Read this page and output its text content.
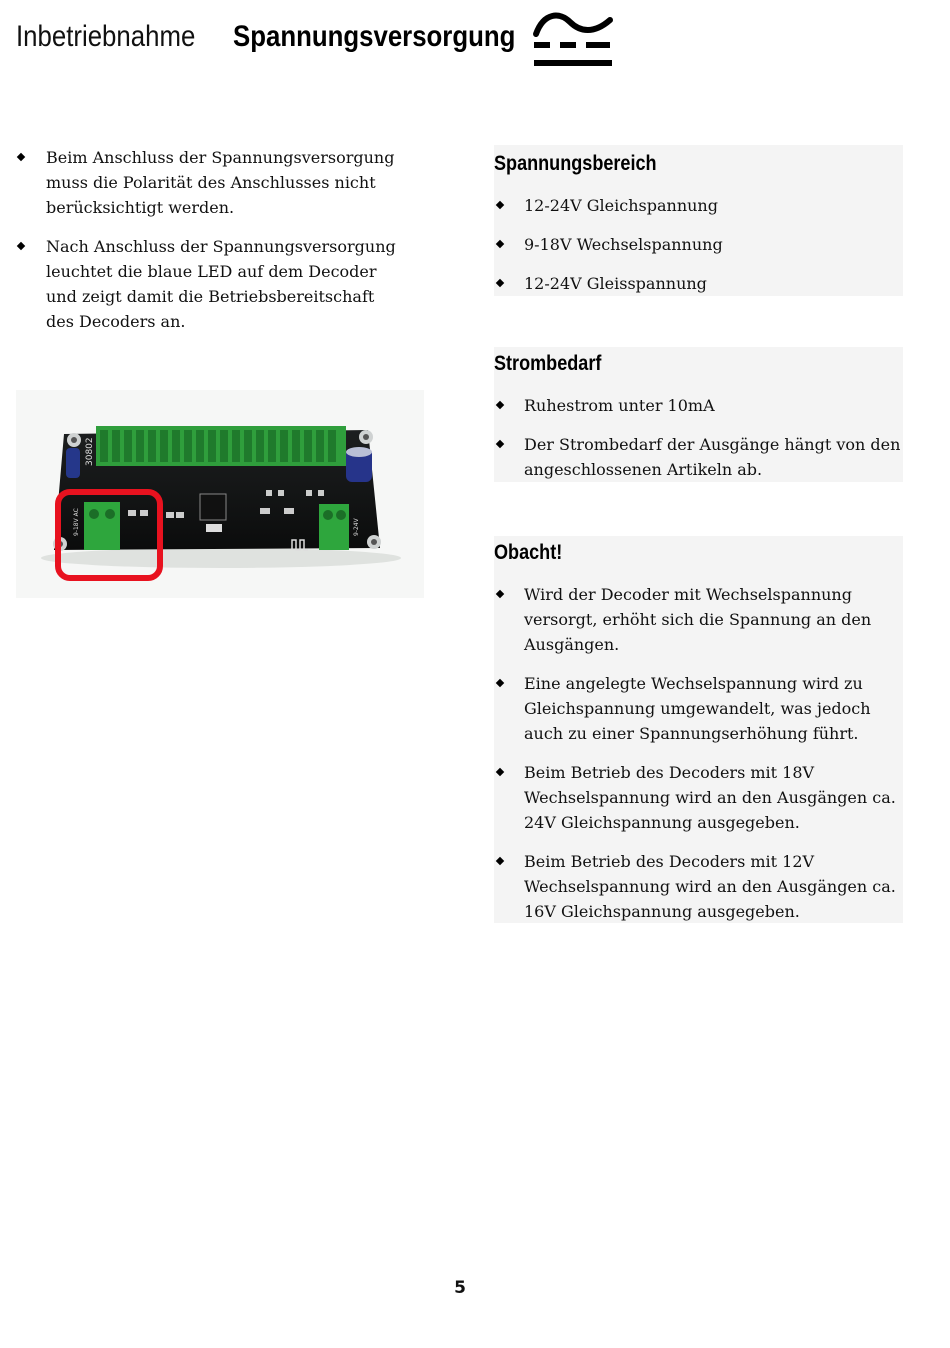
Inbetriebnahme Spannungsversorgung
Beim Anschluss der Spannungsversorgung muss die Polarität des Anschlusses nicht berücksichtigt werden.
Nach Anschluss der Spannungsversorgung leuchtet die blaue LED auf dem Decoder und zeigt damit die Betriebsbereitschaft des Decoders an.
30802
9-18V AC	9-24V
Spannungsbereich
12-24V Gleichspannung
9-18V Wechselspannung
12-24V Gleisspannung
Strombedarf
Ruhestrom unter 10mA
Der Strombedarf der Ausgänge hängt von den angeschlossenen Artikeln ab.
Obacht!
Wird der Decoder mit Wechselspannung versorgt, erhöht sich die Spannung an den Ausgängen.
Eine angelegte Wechselspannung wird zu Gleichspannung umgewandelt, was jedoch auch zu einer Spannungserhöhung führt.
Beim Betrieb des Decoders mit 18V Wechselspannung wird an den Ausgängen ca. 24V Gleichspannung ausgegeben.
Beim Betrieb des Decoders mit 12V Wechselspannung wird an den Ausgängen ca. 16V Gleichspannung ausgegeben.
5
